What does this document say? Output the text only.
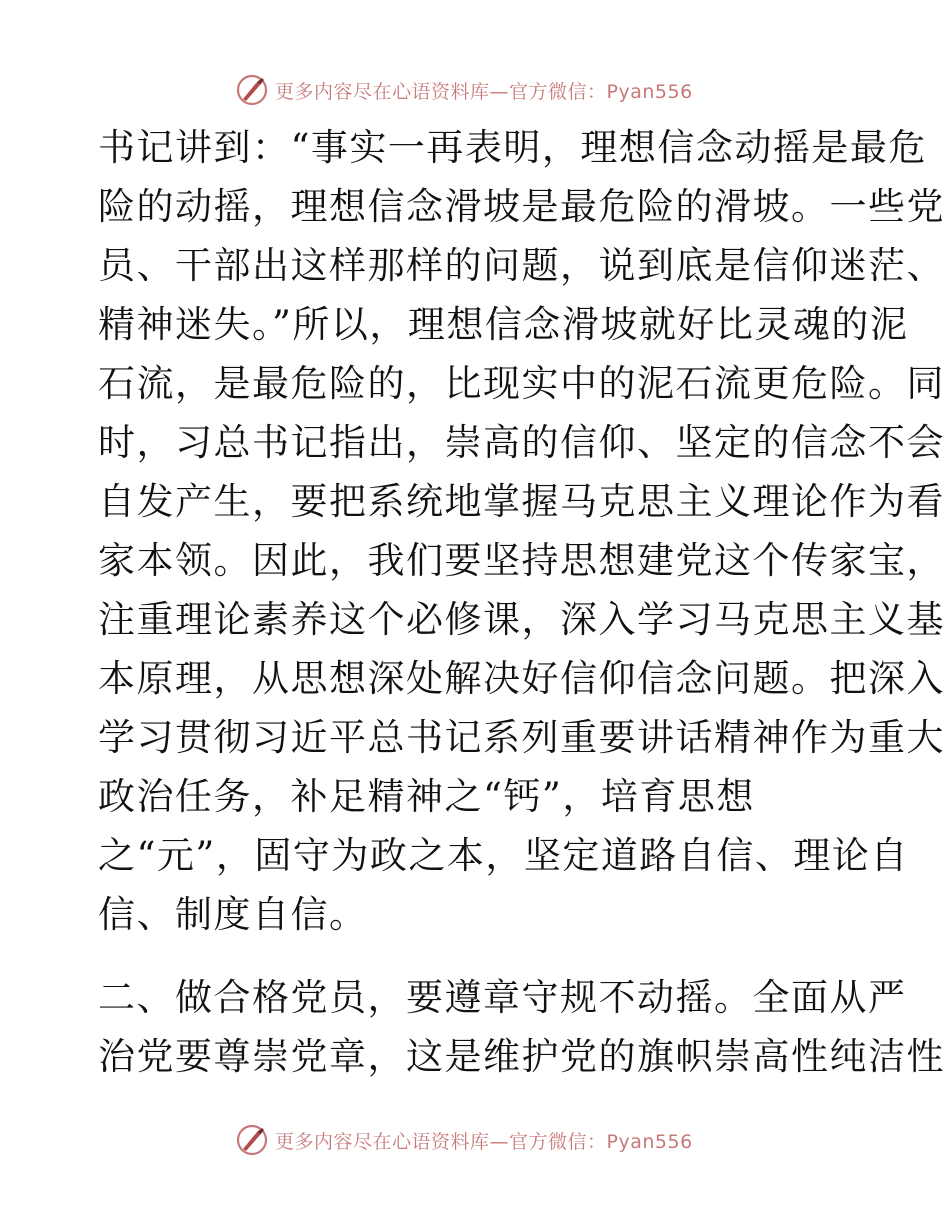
更多内容尽在心语资料库—官方微信：Pyan556
书记讲到：“事实一再表明，理想信念动摇是最危
险的动摇，理想信念滑坡是最危险的滑坡。一些党
员、干部出这样那样的问题，说到底是信仰迷茫、
精神迷失。”所以，理想信念滑坡就好比灵魂的泥
石流，是最危险的，比现实中的泥石流更危险。同
时，习总书记指出，崇高的信仰、坚定的信念不会
自发产生，要把系统地掌握马克思主义理论作为看
家本领。因此，我们要坚持思想建党这个传家宝，
注重理论素养这个必修课，深入学习马克思主义基
本原理，从思想深处解决好信仰信念问题。把深入
学习贯彻习近平总书记系列重要讲话精神作为重大
政治任务，补足精神之“钙”，培育思想
之“元”，固守为政之本，坚定道路自信、理论自
信、制度自信。
二、做合格党员，要遵章守规不动摇。全面从严
治党要尊崇党章，这是维护党的旗帜崇高性纯洁性
更多内容尽在心语资料库—官方微信：Pyan556
